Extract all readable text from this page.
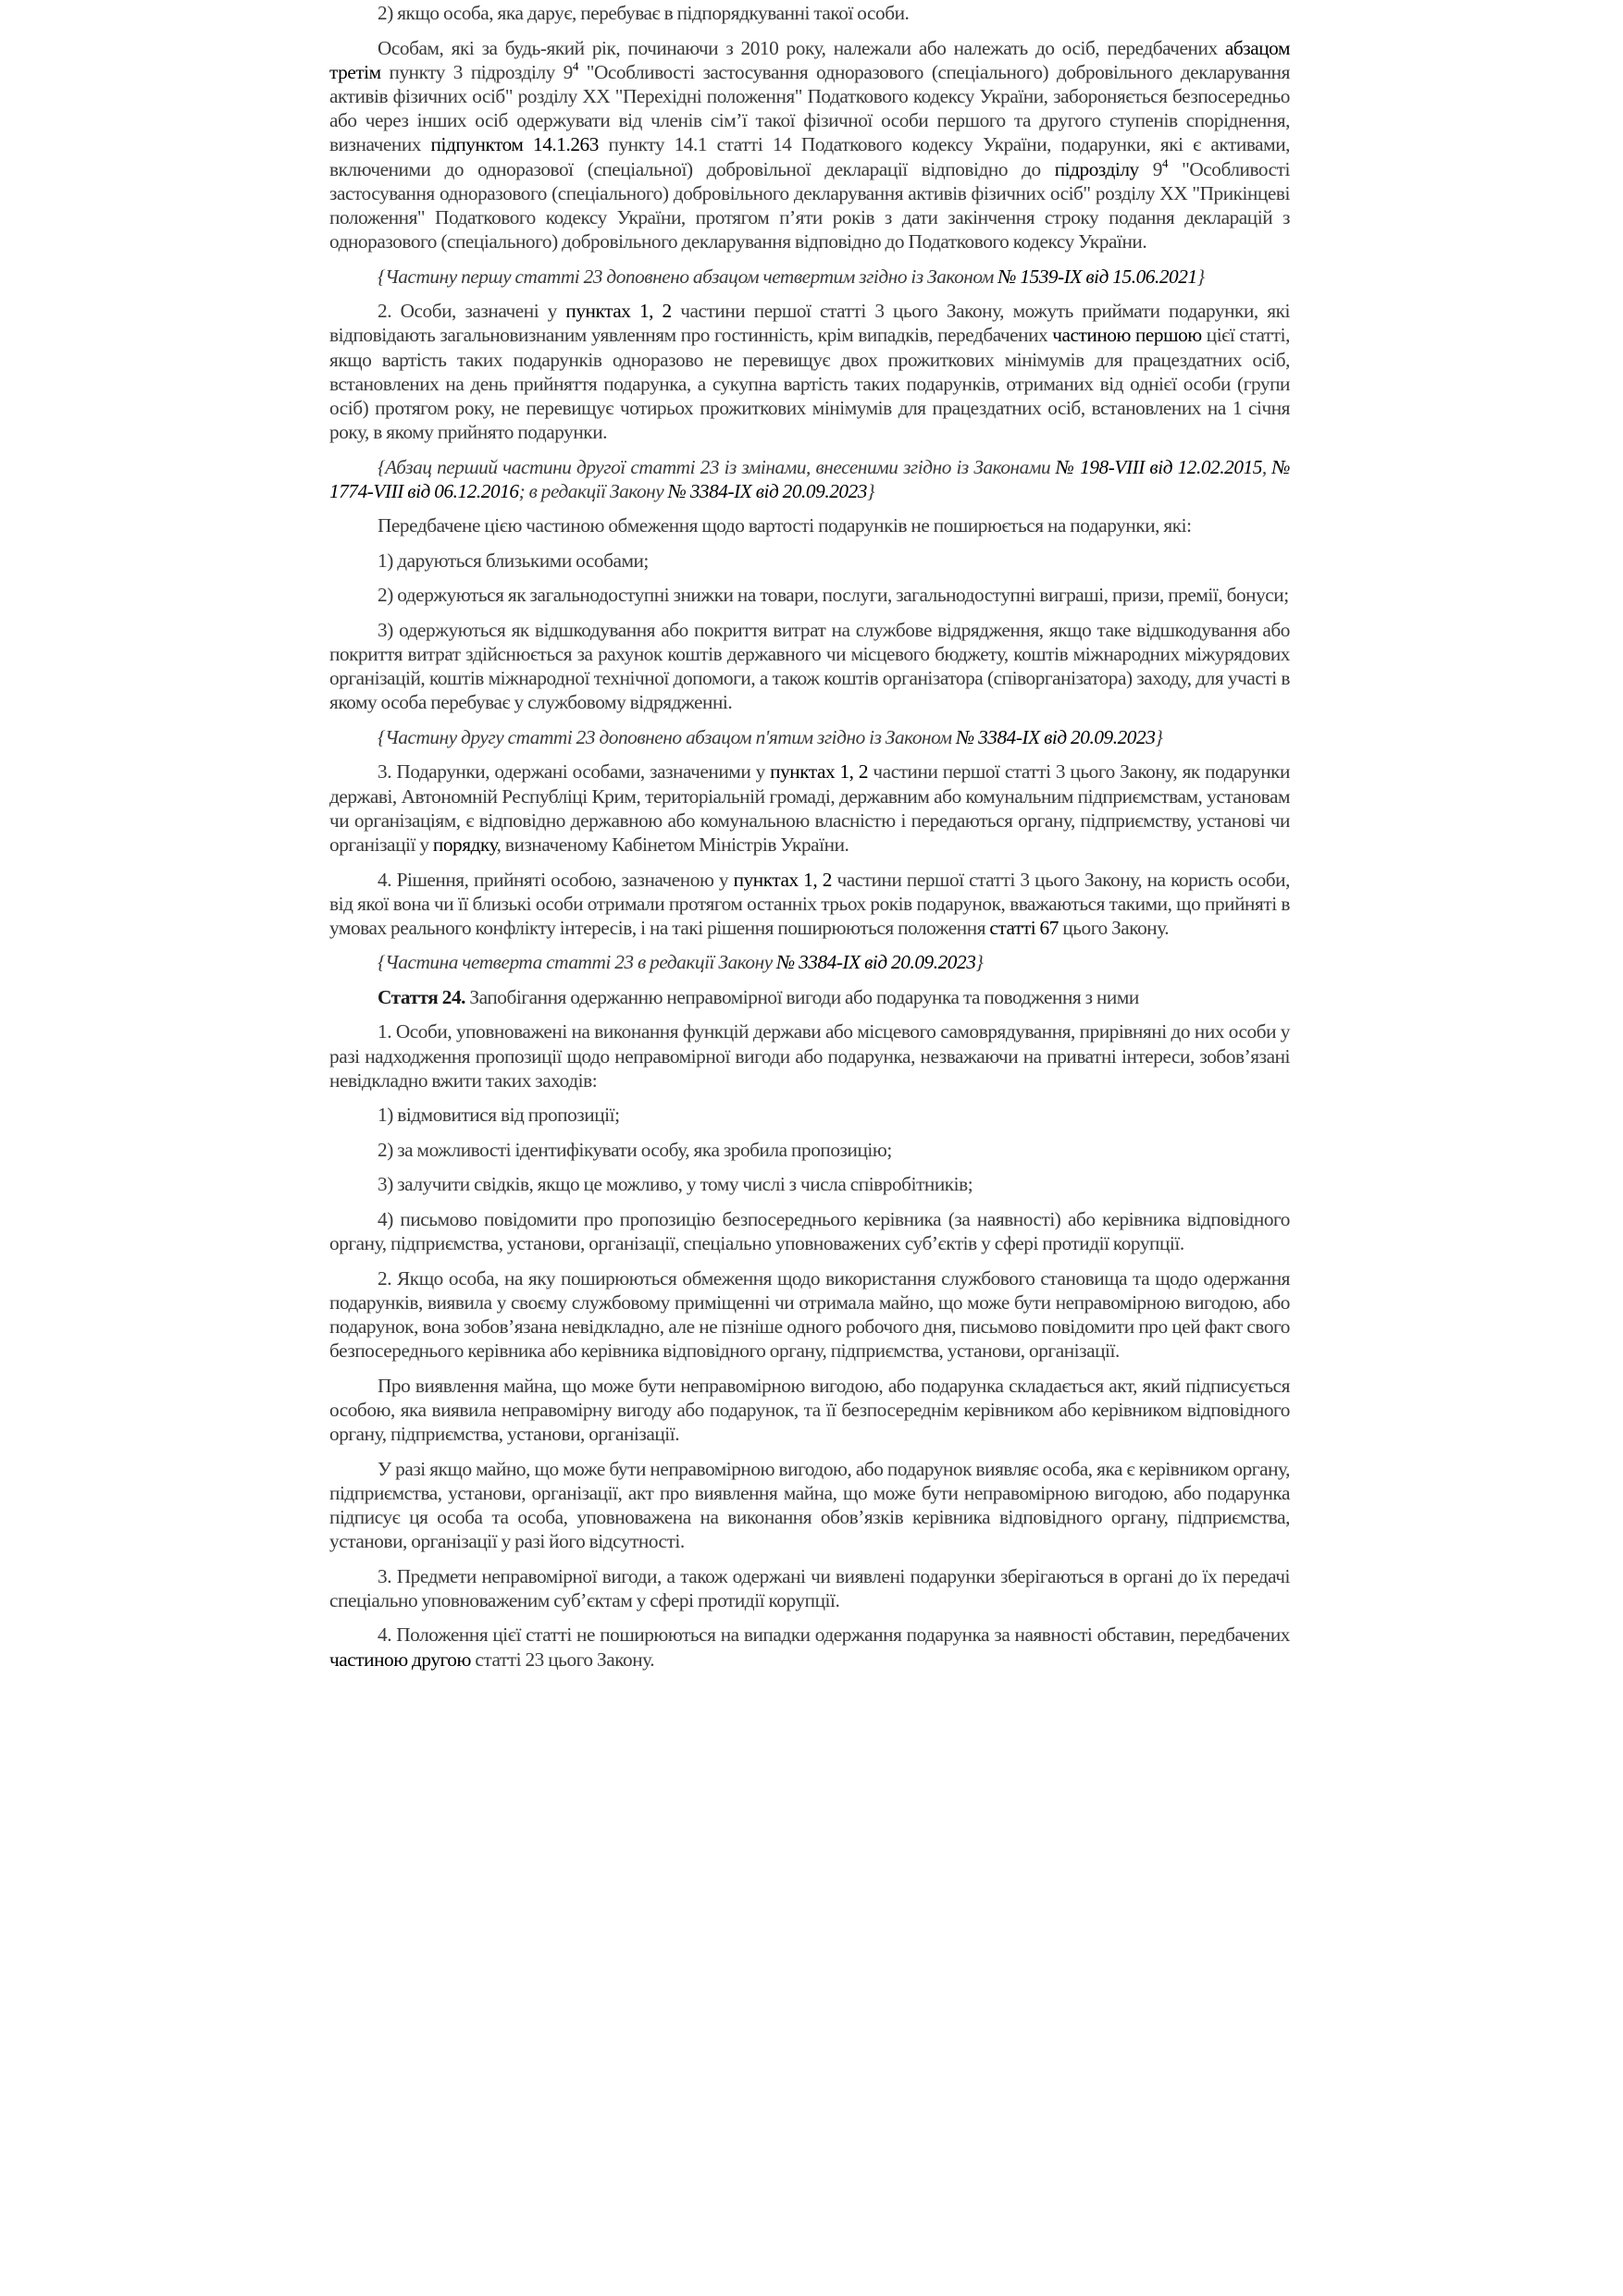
2) якщо особа, яка дарує, перебуває в підпорядкуванні такої особи.

Особам, які за будь-який рік, починаючи з 2010 року, належали або належать до осіб, передбачених абзацом третім пункту 3 підрозділу $9^4$ "Особливості застосування одноразового (спеціального) добровільного декларування активів фізичних осіб" розділу XX "Перехідні положення" Податкового кодексу України, забороняється безпосередньо або через інших осіб одержувати від членів сім’ї такої фізичної особи першого та другого ступенів споріднення, визначених підпунктом 14.1.263 пункту 14.1 статті 14 Податкового кодексу України, подарунки, які є активами, включеними до одноразової (спеціальної) добровільної декларації відповідно до підрозділу $9^4$ "Особливості застосування одноразового (спеціального) добровільного декларування активів фізичних осіб" розділу XX "Прикінцеві положення" Податкового кодексу України, протягом п’яти років з дати закінчення строку подання декларацій з одноразового (спеціального) добровільного декларування відповідно до Податкового кодексу України.

{Частину першу статті 23 доповнено абзацом четвертим згідно із Законом № 1539-IX від 15.06.2021}

2. Особи, зазначені у пунктах 1, 2 частини першої статті 3 цього Закону, можуть приймати подарунки, які відповідають загальновизнаним уявленням про гостинність, крім випадків, передбачених частиною першою цієї статті, якщо вартість таких подарунків одноразово не перевищує двох прожиткових мінімумів для працездатних осіб, встановлених на день прийняття подарунка, а сукупна вартість таких подарунків, отриманих від однієї особи (групи осіб) протягом року, не перевищує чотирьох прожиткових мінімумів для працездатних осіб, встановлених на 1 січня року, в якому прийнято подарунки.

{Абзац перший частини другої статті 23 із змінами, внесеними згідно із Законами № 198-VIII від 12.02.2015, № 1774-VIII від 06.12.2016; в редакції Закону № 3384-IX від 20.09.2023}

Передбачене цією частиною обмеження щодо вартості подарунків не поширюється на подарунки, які:

1) даруються близькими особами;

2) одержуються як загальнодоступні знижки на товари, послуги, загальнодоступні виграші, призи, премії, бонуси;

3) одержуються як відшкодування або покриття витрат на службове відрядження, якщо таке відшкодування або покриття витрат здійснюється за рахунок коштів державного чи місцевого бюджету, коштів міжнародних міжурядових організацій, коштів міжнародної технічної допомоги, а також коштів організатора (співорганізатора) заходу, для участі в якому особа перебуває у службовому відрядженні.

{Частину другу статті 23 доповнено абзацом п'ятим згідно із Законом № 3384-IX від 20.09.2023}

3. Подарунки, одержані особами, зазначеними у пунктах 1, 2 частини першої статті 3 цього Закону, як подарунки державі, Автономній Республіці Крим, територіальній громаді, державним або комунальним підприємствам, установам чи організаціям, є відповідно державною або комунальною власністю і передаються органу, підприємству, установі чи організації у порядку, визначеному Кабінетом Міністрів України.

4. Рішення, прийняті особою, зазначеною у пунктах 1, 2 частини першої статті 3 цього Закону, на користь особи, від якої вона чи її близькі особи отримали протягом останніх трьох років подарунок, вважаються такими, що прийняті в умовах реального конфлікту інтересів, і на такі рішення поширюються положення статті 67 цього Закону.

{Частина четверта статті 23 в редакції Закону № 3384-IX від 20.09.2023}

Стаття 24. Запобігання одержанню неправомірної вигоди або подарунка та поводження з ними

1. Особи, уповноважені на виконання функцій держави або місцевого самоврядування, прирівняні до них особи у разі надходження пропозиції щодо неправомірної вигоди або подарунка, незважаючи на приватні інтереси, зобов’язані невідкладно вжити таких заходів:

1) відмовитися від пропозиції;

2) за можливості ідентифікувати особу, яка зробила пропозицію;

3) залучити свідків, якщо це можливо, у тому числі з числа співробітників;

4) письмово повідомити про пропозицію безпосереднього керівника (за наявності) або керівника відповідного органу, підприємства, установи, організації, спеціально уповноважених суб’єктів у сфері протидії корупції.

2. Якщо особа, на яку поширюються обмеження щодо використання службового становища та щодо одержання подарунків, виявила у своєму службовому приміщенні чи отримала майно, що може бути неправомірною вигодою, або подарунок, вона зобов’язана невідкладно, але не пізніше одного робочого дня, письмово повідомити про цей факт свого безпосереднього керівника або керівника відповідного органу, підприємства, установи, організації.

Про виявлення майна, що може бути неправомірною вигодою, або подарунка складається акт, який підписується особою, яка виявила неправомірну вигоду або подарунок, та її безпосереднім керівником або керівником відповідного органу, підприємства, установи, організації.

У разі якщо майно, що може бути неправомірною вигодою, або подарунок виявляє особа, яка є керівником органу, підприємства, установи, організації, акт про виявлення майна, що може бути неправомірною вигодою, або подарунка підписує ця особа та особа, уповноважена на виконання обов’язків керівника відповідного органу, підприємства, установи, організації у разі його відсутності.

3. Предмети неправомірної вигоди, а також одержані чи виявлені подарунки зберігаються в органі до їх передачі спеціально уповноваженим суб’єктам у сфері протидії корупції.

4. Положення цієї статті не поширюються на випадки одержання подарунка за наявності обставин, передбачених частиною другою статті 23 цього Закону.
